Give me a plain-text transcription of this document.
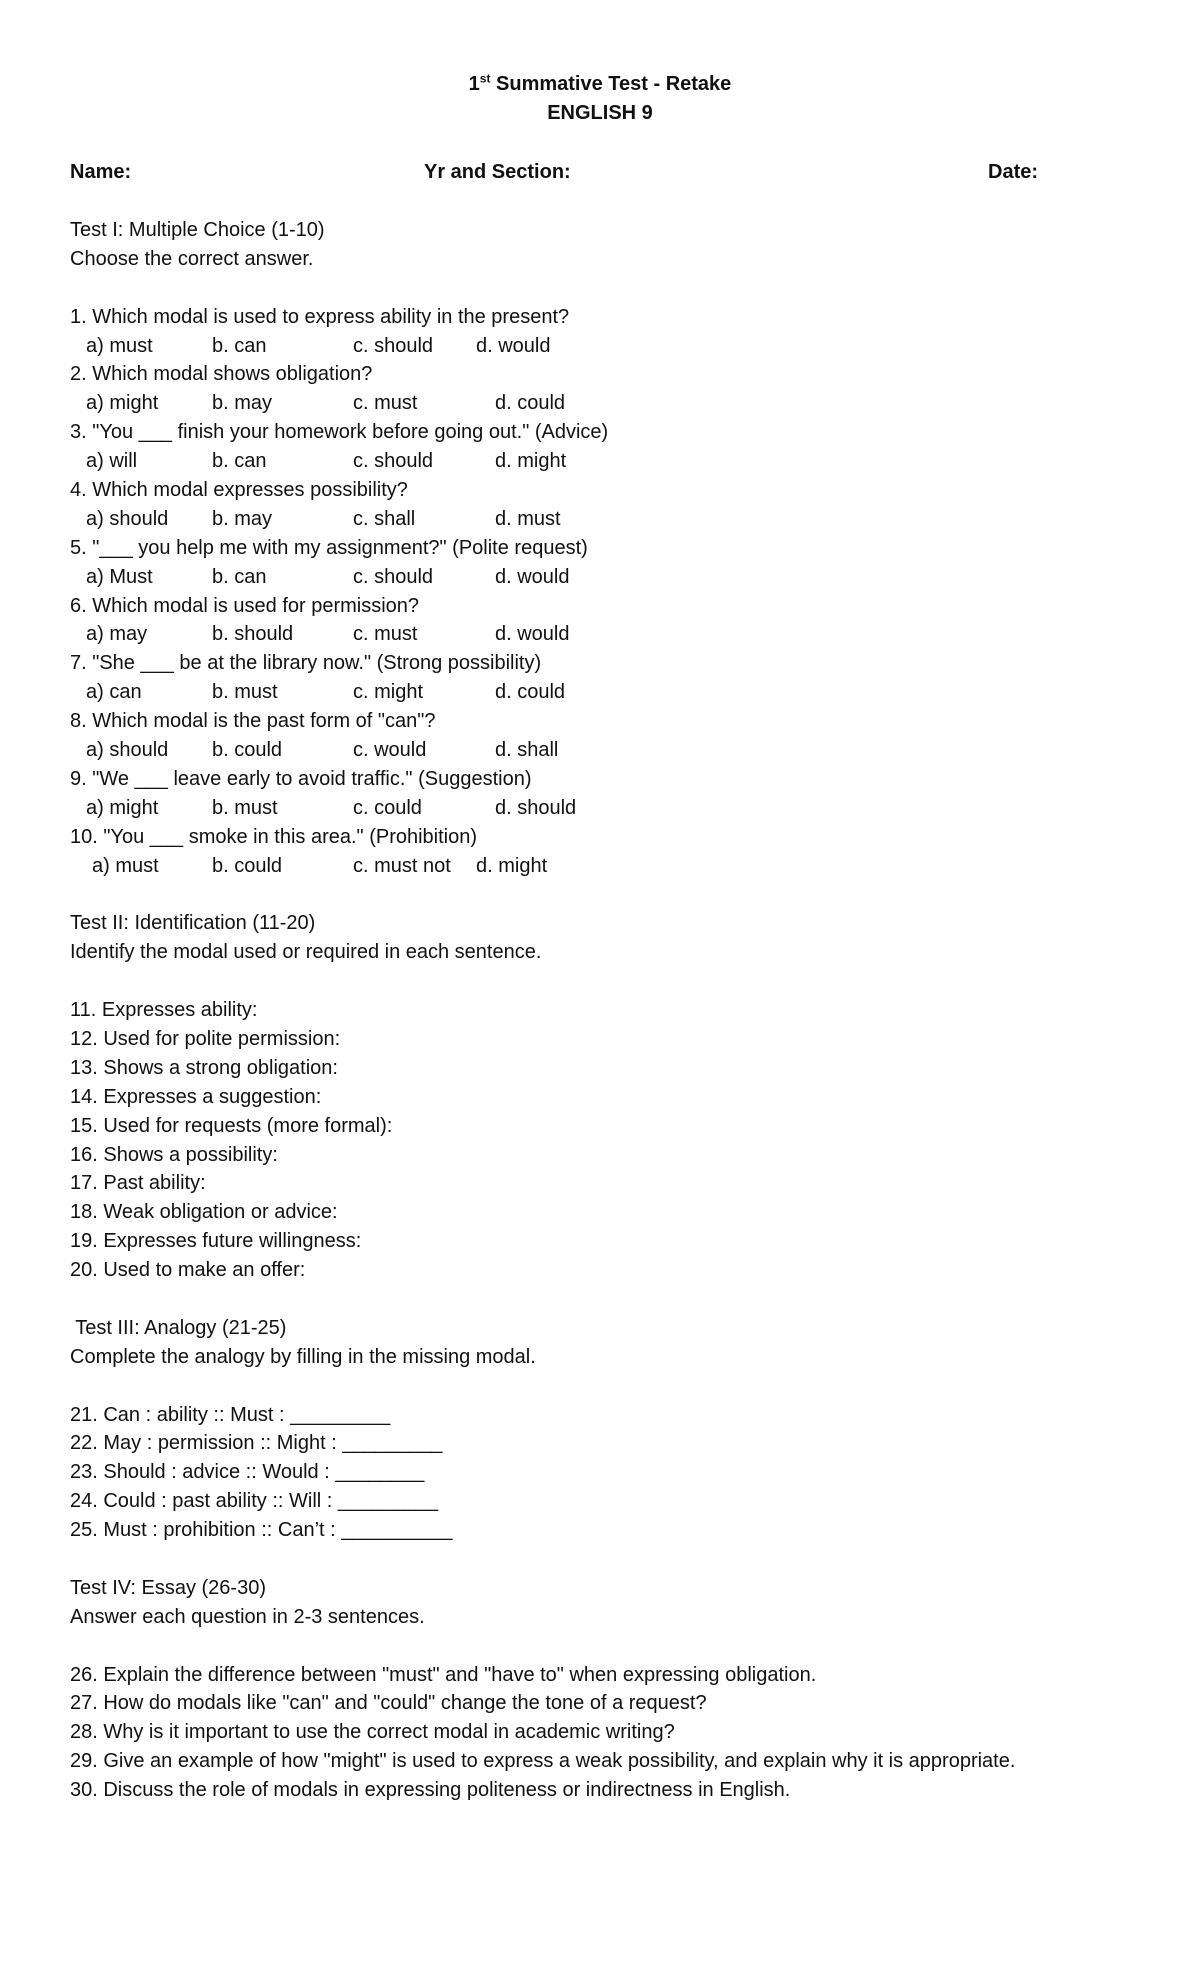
1st Summative Test - Retake
ENGLISH 9
Name:	Yr and Section:	Date:
Test I: Multiple Choice (1-10)
Choose the correct answer.
1. Which modal is used to express ability in the present?
a) must	b. can	c. should d. would
2. Which modal shows obligation?
a) might	b. may	c. must	d. could
3. "You ___ finish your homework before going out." (Advice)
a) will	b. can	c. should	d. might
4. Which modal expresses possibility?
a) should b. may	c. shall	d. must
5. "___ you help me with my assignment?" (Polite request)
a) Must	b. can	c. should	d. would
6. Which modal is used for permission?
a) may	b. should	c. must	d. would
7. "She ___ be at the library now." (Strong possibility)
a) can	b. must	c. might	d. could
8. Which modal is the past form of "can"?
a) should b. could	c. would	d. shall
9. "We ___ leave early to avoid traffic." (Suggestion)
a) might	b. must	c. could	d. should
10. "You ___ smoke in this area." (Prohibition)
a) must	b. could	c. must not d. might
Test II: Identification (11-20)
Identify the modal used or required in each sentence.
11. Expresses ability:
12. Used for polite permission:
13. Shows a strong obligation:
14. Expresses a suggestion:
15. Used for requests (more formal):
16. Shows a possibility:
17. Past ability:
18. Weak obligation or advice:
19. Expresses future willingness:
20. Used to make an offer:
Test III: Analogy (21-25)
Complete the analogy by filling in the missing modal.
21. Can : ability :: Must : _________
22. May : permission :: Might : _________
23. Should : advice :: Would : ________
24. Could : past ability :: Will : _________
25. Must : prohibition :: Can’t : __________
Test IV: Essay (26-30)
Answer each question in 2-3 sentences.
26. Explain the difference between "must" and "have to" when expressing obligation.
27. How do modals like "can" and "could" change the tone of a request?
28. Why is it important to use the correct modal in academic writing?
29. Give an example of how "might" is used to express a weak possibility, and explain why it is appropriate.
30. Discuss the role of modals in expressing politeness or indirectness in English.
